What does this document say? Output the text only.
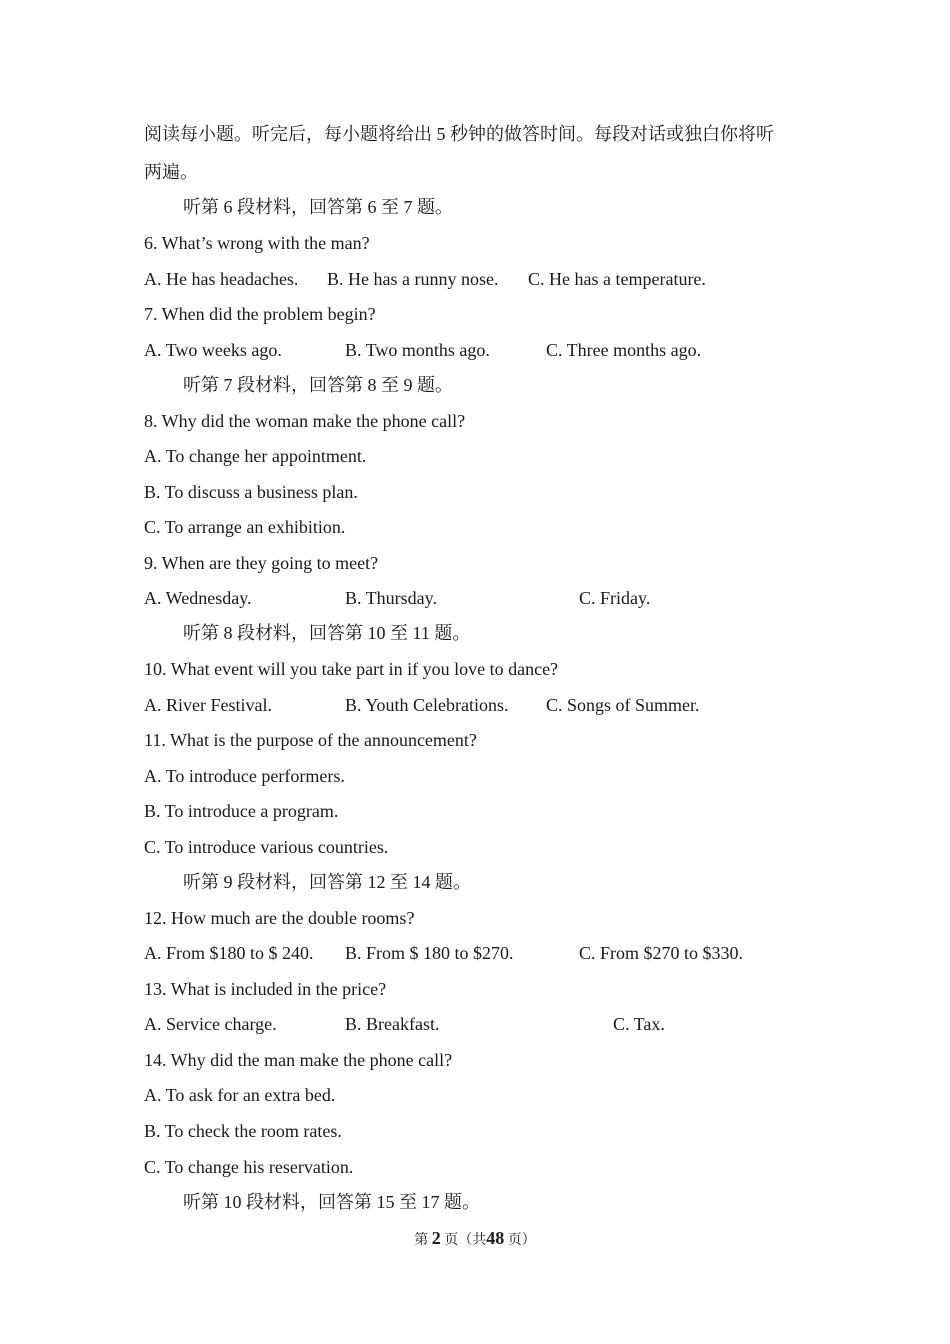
阅读每小题。听完后，每小题将给出 5 秒钟的做答时间。每段对话或独白你将听
两遍。
听第 6 段材料，回答第 6 至 7 题。
6. What’s wrong with the man?
A. He has headaches. B. He has a runny nose. C. He has a temperature.
7. When did the problem begin?
A. Two weeks ago.	B. Two months ago.	C. Three months ago.
听第 7 段材料，回答第 8 至 9 题。
8. Why did the woman make the phone call?
A. To change her appointment.
B. To discuss a business plan.
C. To arrange an exhibition.
9. When are they going to meet?
A. Wednesday.	B. Thursday.	C. Friday.
听第 8 段材料，回答第 10 至 11 题。
10. What event will you take part in if you love to dance?
A. River Festival.	B. Youth Celebrations. C. Songs of Summer.
11. What is the purpose of the announcement?
A. To introduce performers.
B. To introduce a program.
C. To introduce various countries.
听第 9 段材料，回答第 12 至 14 题。
12. How much are the double rooms?
A. From $180 to $ 240. B. From $ 180 to $270.	C. From $270 to $330.
13. What is included in the price?
A. Service charge.	B. Breakfast.	C. Tax.
14. Why did the man make the phone call?
A. To ask for an extra bed.
B. To check the room rates.
C. To change his reservation.
听第 10 段材料，回答第 15 至 17 题。
第 2 页（共48 页）
